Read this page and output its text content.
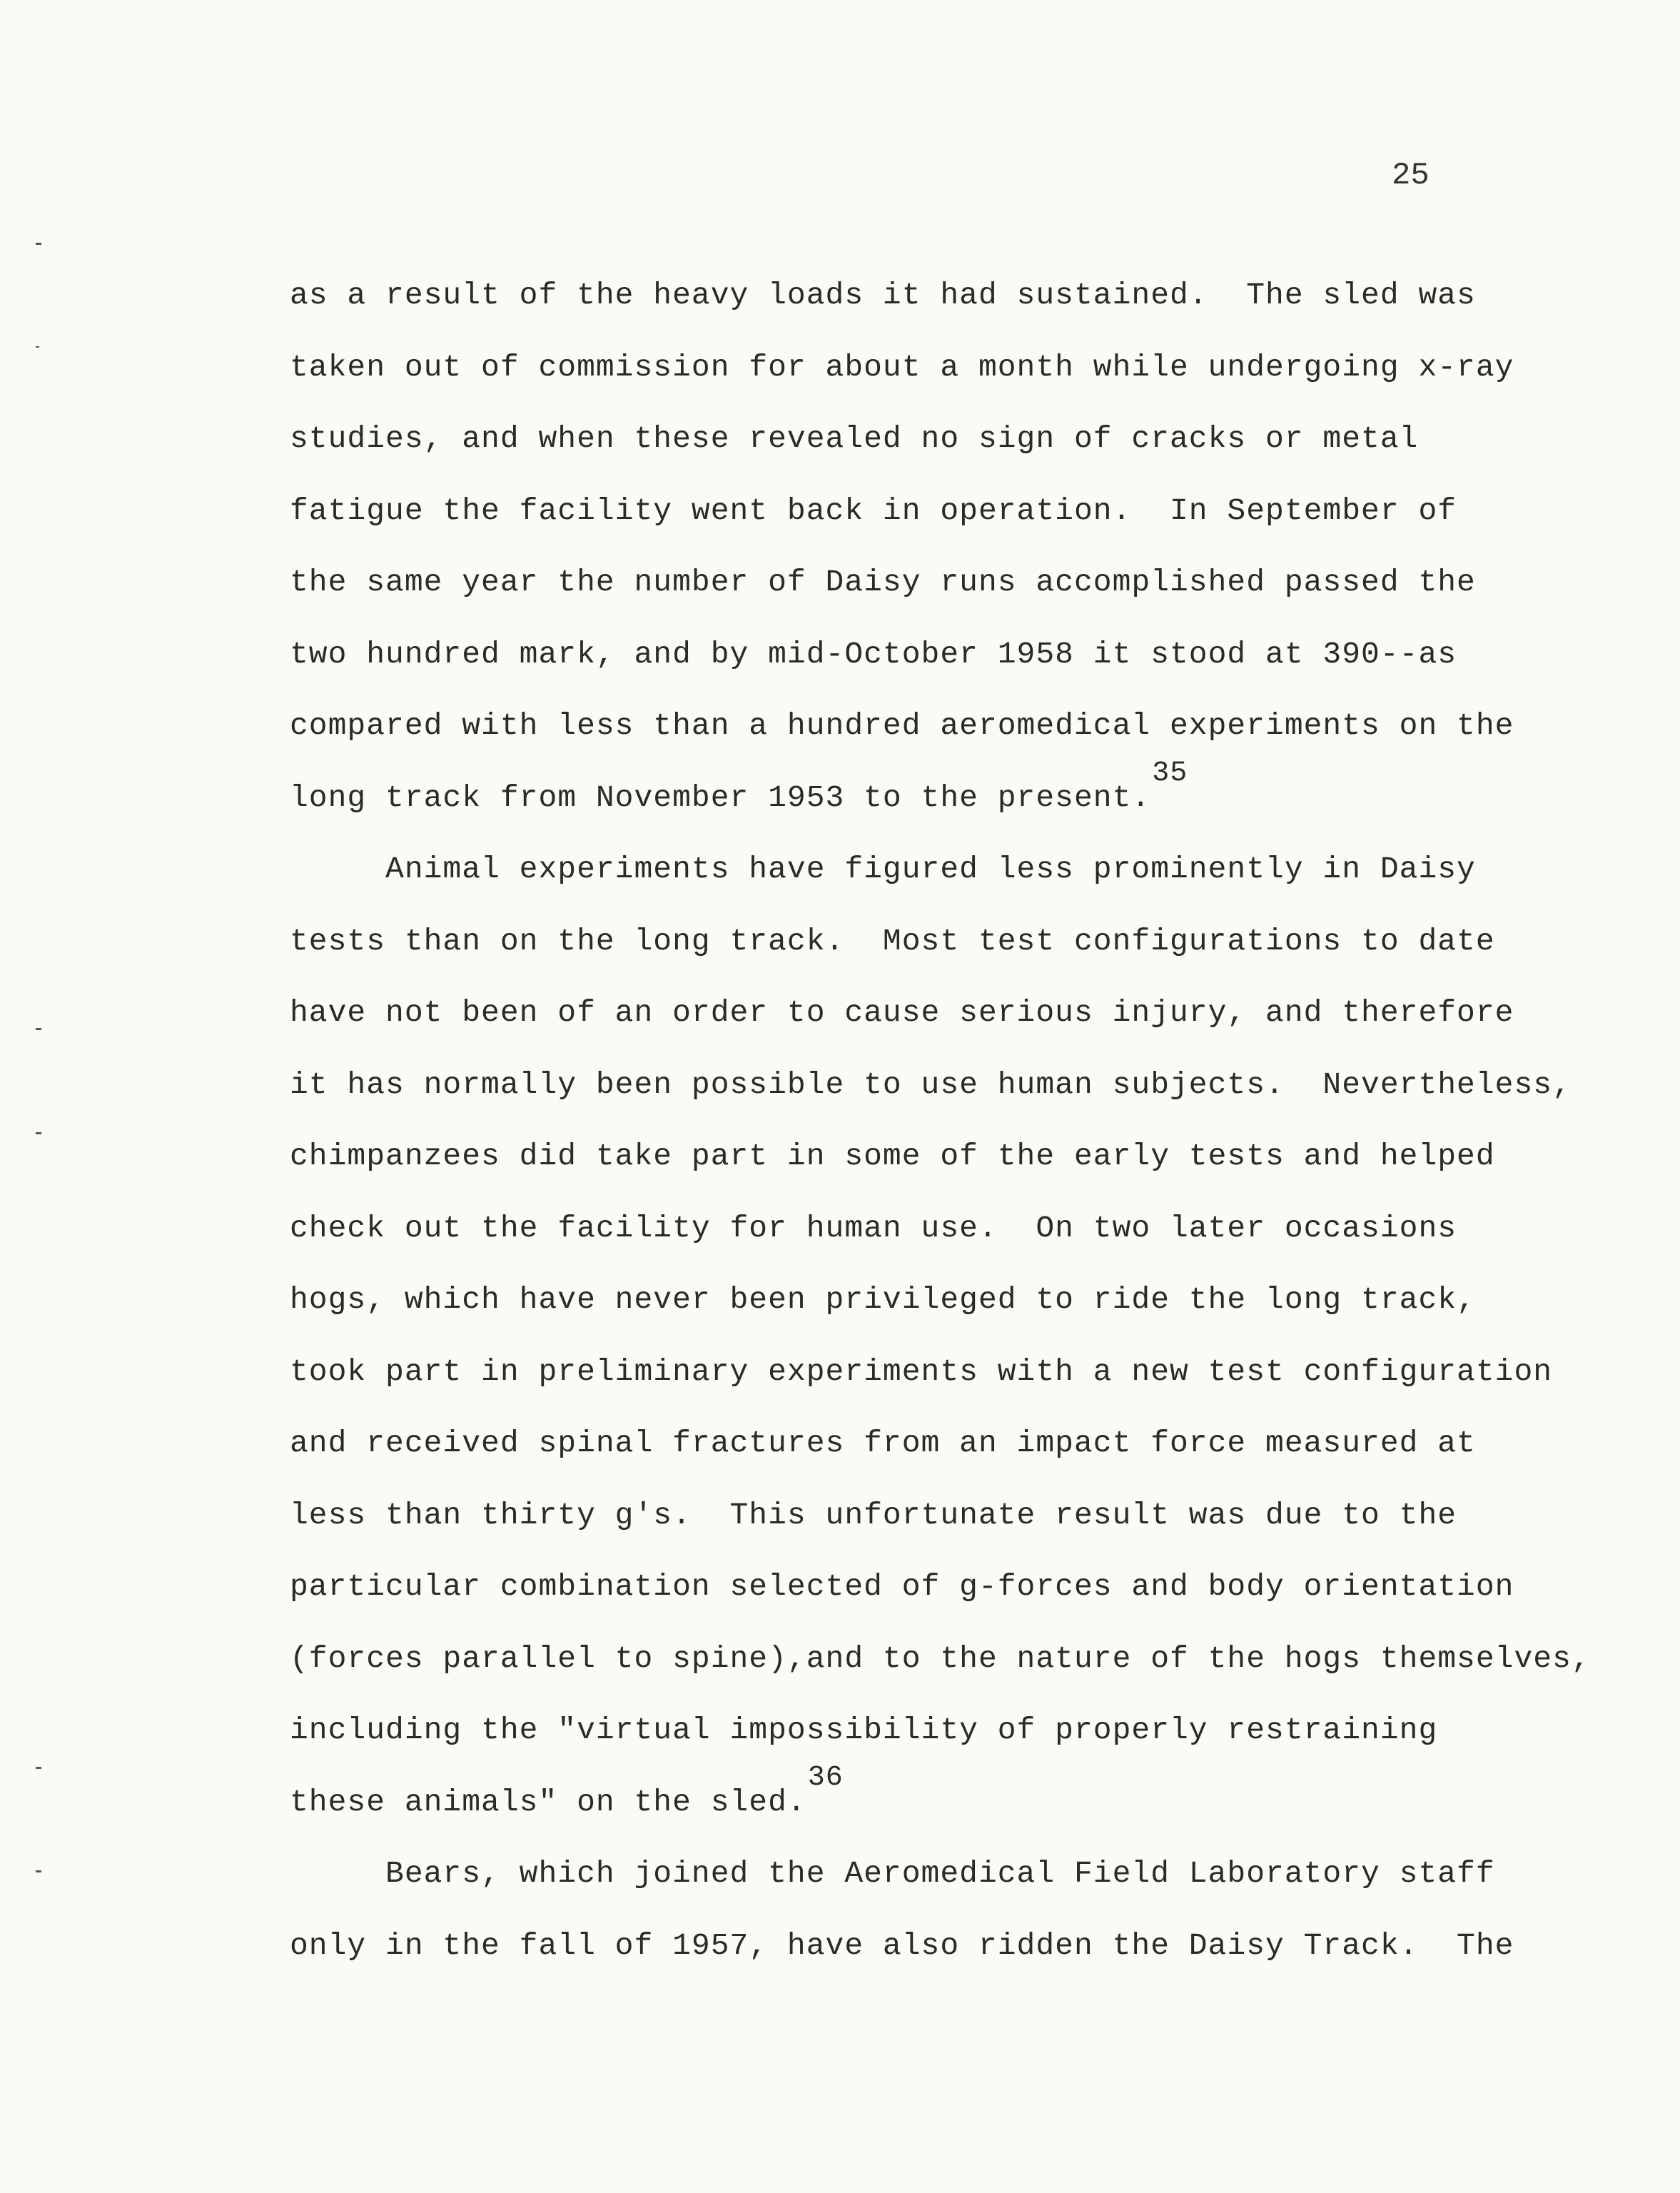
25
as a result of the heavy loads it had sustained.  The sled was
taken out of commission for about a month while undergoing x-ray
studies, and when these revealed no sign of cracks or metal
fatigue the facility went back in operation.  In September of
the same year the number of Daisy runs accomplished passed the
two hundred mark, and by mid-October 1958 it stood at 390--as
compared with less than a hundred aeromedical experiments on the
long track from November 1953 to the present.35
Animal experiments have figured less prominently in Daisy
tests than on the long track.  Most test configurations to date
have not been of an order to cause serious injury, and therefore
it has normally been possible to use human subjects.  Nevertheless,
chimpanzees did take part in some of the early tests and helped
check out the facility for human use.  On two later occasions
hogs, which have never been privileged to ride the long track,
took part in preliminary experiments with a new test configuration
and received spinal fractures from an impact force measured at
less than thirty g's.  This unfortunate result was due to the
particular combination selected of g-forces and body orientation
(forces parallel to spine),and to the nature of the hogs themselves,
including the "virtual impossibility of properly restraining
these animals" on the sled.36
Bears, which joined the Aeromedical Field Laboratory staff
only in the fall of 1957, have also ridden the Daisy Track.  The
